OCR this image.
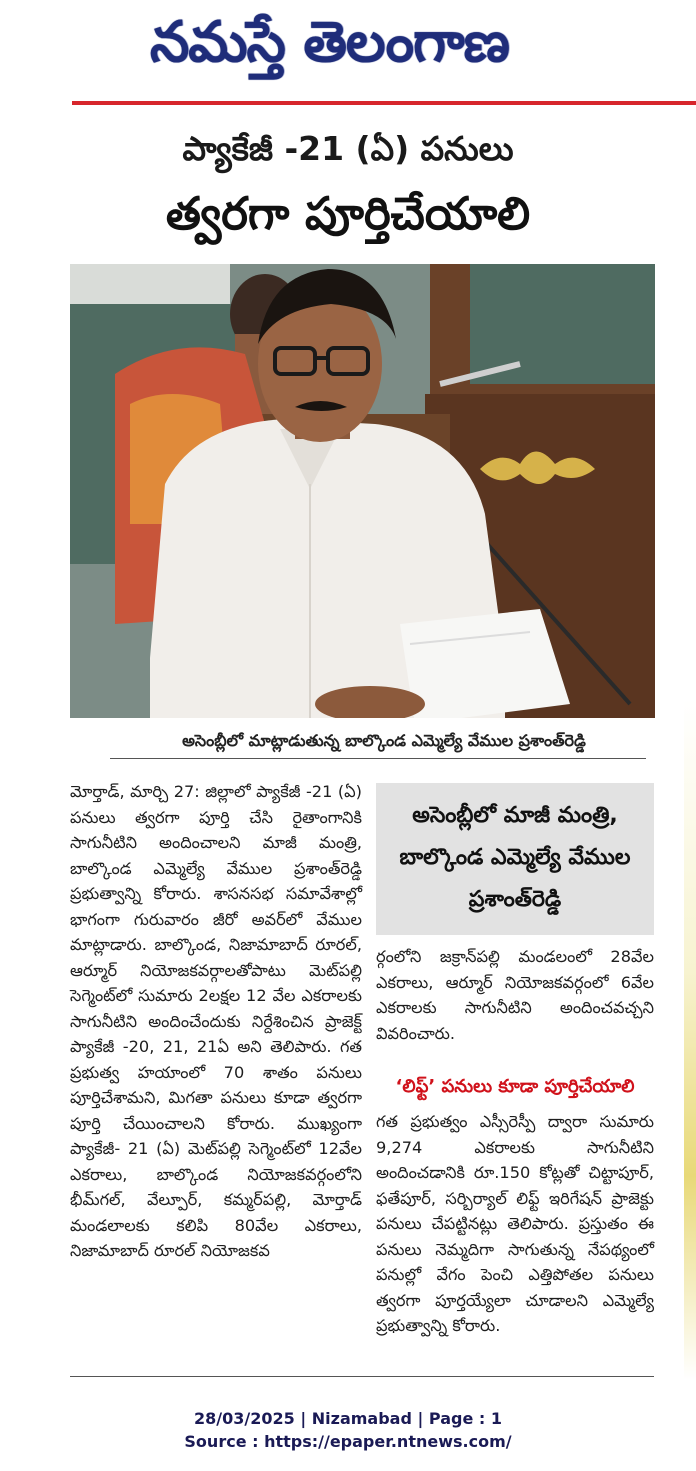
నమస్తే తెలంగాణ
ప్యాకేజీ -21 (ఏ) పనులు
త్వరగా పూర్తిచేయాలి
అసెంబ్లీలో మాట్లాడుతున్న బాల్కొండ ఎమ్మెల్యే వేముల ప్రశాంత్‌రెడ్డి

మోర్తాడ్, మార్చి 27: జిల్లాలో ప్యాకేజీ -21 (ఏ) పనులు త్వరగా పూర్తి చేసి రైతాంగానికి సాగునీటిని అందించాలని మాజీ మంత్రి, బాల్కొండ ఎమ్మెల్యే వేముల ప్రశాంత్‌రెడ్డి ప్రభుత్వాన్ని కోరారు. శాసనసభ సమావేశాల్లో భాగంగా గురువారం జీరో అవర్‌లో వేముల మాట్లాడారు. బాల్కొండ, నిజామాబాద్ రూరల్, ఆర్మూర్ నియోజకవర్గాలతోపాటు మెట్‌పల్లి సెగ్మెంట్‌లో సుమారు 2లక్షల 12 వేల ఎకరాలకు సాగునీటిని అందించేందుకు నిర్దేశించిన ప్రాజెక్ట్ ప్యాకేజీ -20, 21, 21ఏ అని తెలిపారు. గత ప్రభుత్వ హయాంలో 70 శాతం పనులు పూర్తిచేశామని, మిగతా పనులు కూడా త్వరగా పూర్తి చేయించాలని కోరారు. ముఖ్యంగా ప్యాకేజీ- 21 (ఏ) మెట్‌పల్లి సెగ్మెంట్‌లో 12వేల ఎకరాలు, బాల్కొండ నియోజకవర్గంలోని భీమ్‌గల్, వేల్పూర్, కమ్మర్‌పల్లి, మోర్తాడ్ మండలాలకు కలిపి 80వేల ఎకరాలు, నిజామాబాద్ రూరల్ నియోజకవ

అసెంబ్లీలో మాజీ మంత్రి, బాల్కొండ ఎమ్మెల్యే వేముల ప్రశాంత్‌రెడ్డి

ర్గంలోని జక్రాన్‌పల్లి మండలంలో 28వేల ఎకరాలు, ఆర్మూర్ నియోజకవర్గంలో 6వేల ఎకరాలకు సాగునీటిని అందించవచ్చని వివరించారు.

‘లిఫ్ట్’ పనులు కూడా పూర్తిచేయాలి

గత ప్రభుత్వం ఎస్సీరెస్పీ ద్వారా సుమారు 9,274 ఎకరాలకు సాగునీటిని అందించడానికి రూ.150 కోట్లతో చిట్టాపూర్, ఫతేపూర్, సర్బిర్యాల్ లిఫ్ట్ ఇరిగేషన్ ప్రాజెక్టు పనులు చేపట్టినట్లు తెలిపారు. ప్రస్తుతం ఈ పనులు నెమ్మదిగా సాగుతున్న నేపథ్యంలో పనుల్లో వేగం పెంచి ఎత్తిపోతల పనులు త్వరగా పూర్తయ్యేలా చూడాలని ఎమ్మెల్యే ప్రభుత్వాన్ని కోరారు.

28/03/2025 | Nizamabad | Page : 1
Source : https://epaper.ntnews.com/
